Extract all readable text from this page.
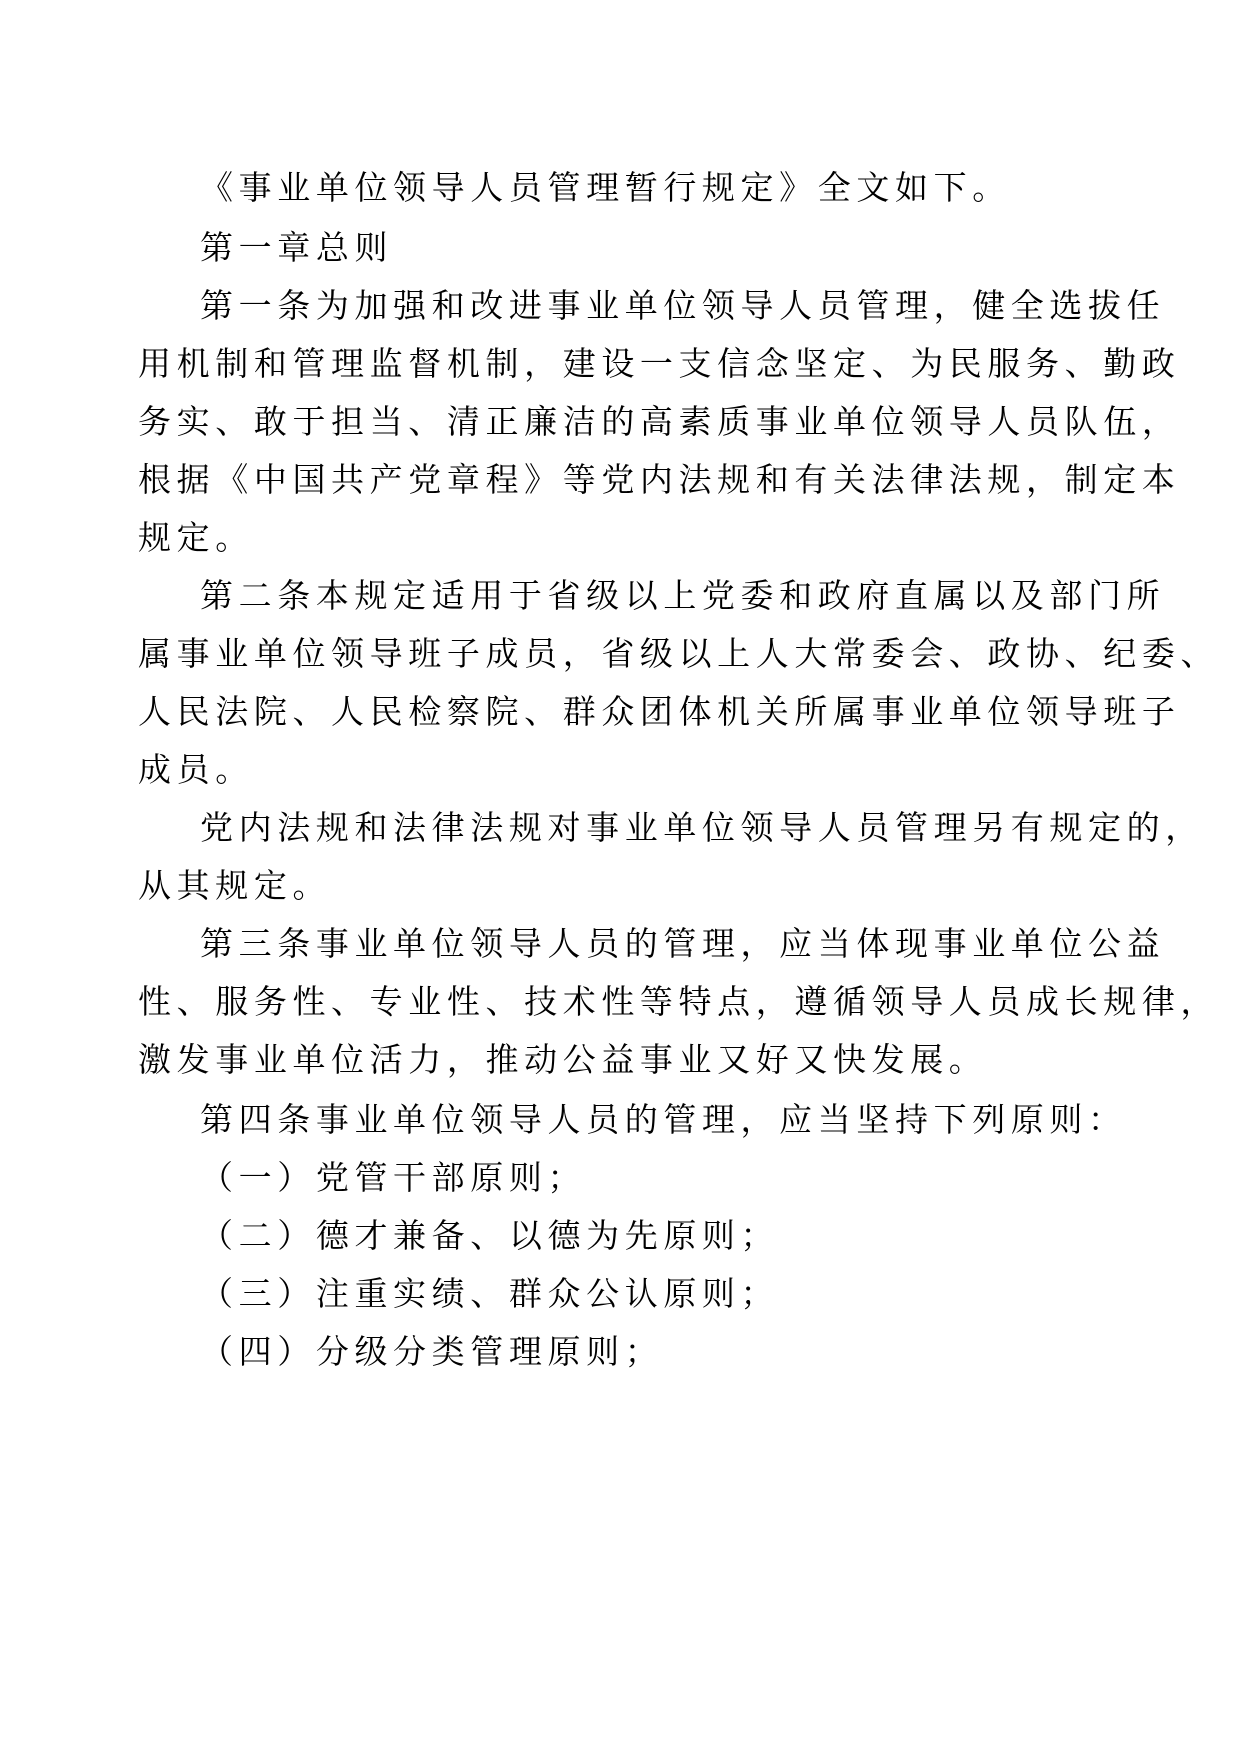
《事业单位领导人员管理暂行规定》全文如下。

第一章总则

第一条为加强和改进事业单位领导人员管理，健全选拔任

用机制和管理监督机制，建设一支信念坚定、为民服务、勤政

务实、敢于担当、清正廉洁的高素质事业单位领导人员队伍，

根据《中国共产党章程》等党内法规和有关法律法规，制定本

规定。

第二条本规定适用于省级以上党委和政府直属以及部门所

属事业单位领导班子成员，省级以上人大常委会、政协、纪委、

人民法院、人民检察院、群众团体机关所属事业单位领导班子

成员。

党内法规和法律法规对事业单位领导人员管理另有规定的，

从其规定。

第三条事业单位领导人员的管理，应当体现事业单位公益

性、服务性、专业性、技术性等特点，遵循领导人员成长规律，

激发事业单位活力，推动公益事业又好又快发展。

第四条事业单位领导人员的管理，应当坚持下列原则：

（一）党管干部原则；

（二）德才兼备、以德为先原则；

（三）注重实绩、群众公认原则；

（四）分级分类管理原则；
